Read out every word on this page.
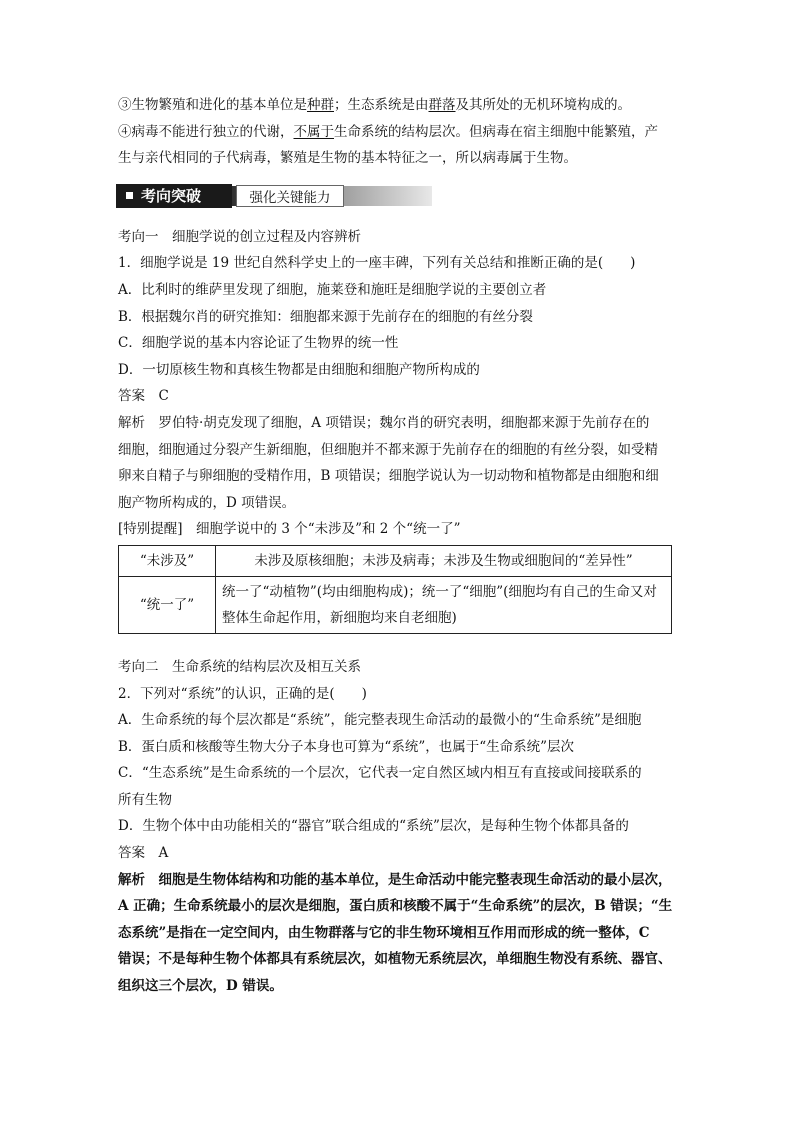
③生物繁殖和进化的基本单位是种群；生态系统是由群落及其所处的无机环境构成的。
④病毒不能进行独立的代谢，不属于生命系统的结构层次。但病毒在宿主细胞中能繁殖，产
生与亲代相同的子代病毒，繁殖是生物的基本特征之一，所以病毒属于生物。
考向突破	强化关键能力
考向一　细胞学说的创立过程及内容辨析
1．细胞学说是 19 世纪自然科学史上的一座丰碑，下列有关总结和推断正确的是(　　)
A．比利时的维萨里发现了细胞，施莱登和施旺是细胞学说的主要创立者
B．根据魏尔肖的研究推知：细胞都来源于先前存在的细胞的有丝分裂
C．细胞学说的基本内容论证了生物界的统一性
D．一切原核生物和真核生物都是由细胞和细胞产物所构成的
答案　C
解析　罗伯特·胡克发现了细胞，A 项错误；魏尔肖的研究表明，细胞都来源于先前存在的
细胞，细胞通过分裂产生新细胞，但细胞并不都来源于先前存在的细胞的有丝分裂，如受精
卵来自精子与卵细胞的受精作用，B 项错误；细胞学说认为一切动物和植物都是由细胞和细
胞产物所构成的，D 项错误。
[特别提醒]　细胞学说中的 3 个“未涉及”和 2 个“统一了”
“未涉及”	未涉及原核细胞；未涉及病毒；未涉及生物或细胞间的“差异性”
“统一了”	统一了“动植物”(均由细胞构成)；统一了“细胞”(细胞均有自己的生命又对整体生命起作用，新细胞均来自老细胞)
考向二　生命系统的结构层次及相互关系
2．下列对“系统”的认识，正确的是(　　)
A．生命系统的每个层次都是“系统”，能完整表现生命活动的最微小的“生命系统”是细胞
B．蛋白质和核酸等生物大分子本身也可算为“系统”，也属于“生命系统”层次
C．“生态系统”是生命系统的一个层次，它代表一定自然区域内相互有直接或间接联系的
所有生物
D．生物个体中由功能相关的“器官”联合组成的“系统”层次，是每种生物个体都具备的
答案　A
解析　细胞是生物体结构和功能的基本单位，是生命活动中能完整表现生命活动的最小层次，
A 正确；生命系统最小的层次是细胞，蛋白质和核酸不属于“生命系统”的层次，B 错误；“生
态系统”是指在一定空间内，由生物群落与它的非生物环境相互作用而形成的统一整体，C
错误；不是每种生物个体都具有系统层次，如植物无系统层次，单细胞生物没有系统、器官、
组织这三个层次，D 错误。
